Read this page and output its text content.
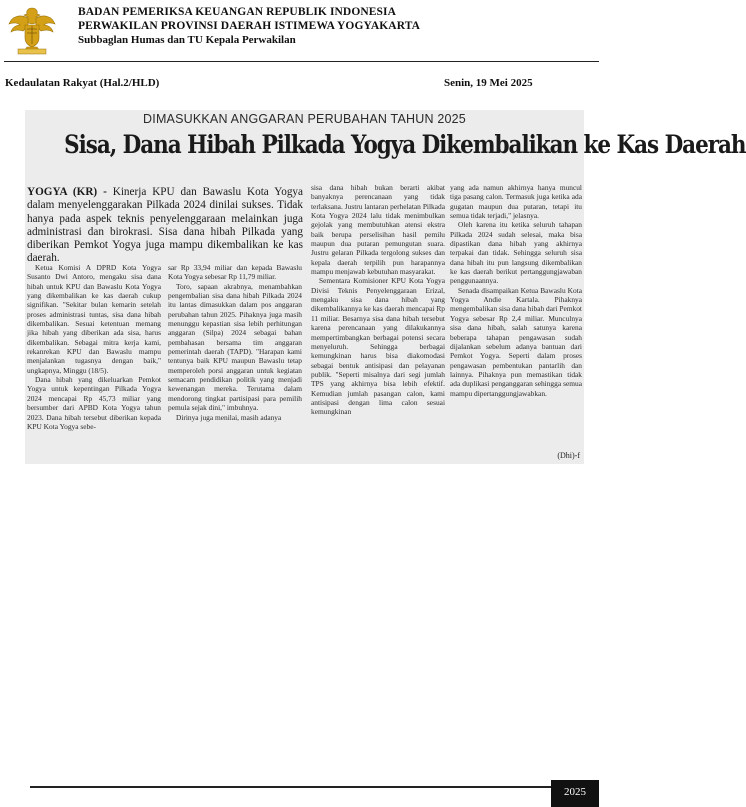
BADAN PEMERIKSA KEUANGAN REPUBLIK INDONESIA
PERWAKILAN PROVINSI DAERAH ISTIMEWA YOGYAKARTA
Subbaglan Humas dan TU Kepala Perwakilan
Kedaulatan Rakyat (Hal.2/HLD)	Senin, 19 Mei 2025
DIMASUKKAN ANGGARAN PERUBAHAN TAHUN 2025
Sisa, Dana Hibah Pilkada Yogya Dikembalikan ke Kas Daerah
YOGYA (KR) - Kinerja KPU dan Bawaslu Kota Yogya dalam menyelenggarakan Pilkada 2024 dinilai sukses. Tidak hanya pada aspek teknis penyelenggaraan melainkan juga administrasi dan birokrasi. Sisa dana hibah Pilkada yang diberikan Pemkot Yogya juga mampu dikembalikan ke kas daerah.

Ketua Komisi A DPRD Kota Yogya Susanto Dwi Antoro, mengaku sisa dana hibah untuk KPU dan Bawaslu Kota Yogya yang dikembalikan ke kas daerah cukup signifikan. "Sekitar bulan kemarin setelah proses administrasi tuntas, sisa dana hibah dikembalikan. Sesuai ketentuan memang jika hibah yang diberikan ada sisa, harus dikembalikan. Sebagai mitra kerja kami, rekanrekan KPU dan Bawaslu mampu menjalankan tugasnya dengan baik," ungkapnya, Minggu (18/5).

Dana hibah yang dikeluarkan Pemkot Yogya untuk kepentingan Pilkada Yogya 2024 mencapai Rp 45,73 miliar yang bersumber dari APBD Kota Yogya tahun 2023. Dana hibah tersebut diberikan kepada KPU Kota Yogya sebe-

sar Rp 33,94 miliar dan kepada Bawaslu Kota Yogya sebesar Rp 11,79 miliar.

Toro, sapaan akrabnya, menambahkan pengembalian sisa dana hibah Pilkada 2024 itu lantas dimasukkan dalam pos anggaran perubahan tahun 2025. Pihaknya juga masih menunggu kepastian sisa lebih perhitungan anggaran (Silpa) 2024 sebagai bahan pembahasan bersama tim anggaran pemerintah daerah (TAPD). "Harapan kami tentunya baik KPU maupun Bawaslu tetap memperoleh porsi anggaran untuk kegiatan semacam pendidikan politik yang menjadi kewenangan mereka. Terutama dalam mendorong tingkat partisipasi para pemilih pemula sejak dini," imbuhnya.

Dirinya juga menilai, masih adanya

sisa dana hibah bukan berarti akibat banyaknya perencanaan yang tidak terlaksana. Justru lantaran perhelatan Pilkada Kota Yogya 2024 lalu tidak menimbulkan gejolak yang membutuhkan atensi ekstra baik berupa perselisihan hasil pemilu maupun dua putaran pemungutan suara. Justru gelaran Pilkada tergolong sukses dan kepala daerah terpilih pun harapannya mampu menjawab kebutuhan masyarakat.

Sementara Komisioner KPU Kota Yogya Divisi Teknis Penyelenggaraan Erizal, mengaku sisa dana hibah yang dikembalikannya ke kas daerah mencapai Rp 11 miliar. Besarnya sisa dana hibah tersebut karena perencanaan yang dilakukannya mempertimbangkan berbagai potensi secara menyeluruh. Sehingga berbagai kemungkinan harus bisa diakomodasi sebagai bentuk antisipasi dan pelayanan publik. "Seperti misalnya dari segi jumlah TPS yang akhirnya bisa lebih efektif. Kemudian jumlah pasangan calon, kami antisipasi dengan lima calon sesuai kemungkinan

yang ada namun akhirnya hanya muncul tiga pasang calon. Termasuk juga ketika ada gugatan maupun dua putaran, tetapi itu semua tidak terjadi," jelasnya.

Oleh karena itu ketika seluruh tahapan Pilkada 2024 sudah selesai, maka bisa dipastikan dana hibah yang akhirnya terpakai dan tidak. Sehingga seluruh sisa dana hibah itu pun langsung dikembalikan ke kas daerah berikut pertanggungjawaban penggunaannya.

Senada disampaikan Ketua Bawaslu Kota Yogya Andie Kartala. Pihaknya mengembalikan sisa dana hibah dari Pemkot Yogya sebesar Rp 2,4 miliar. Munculnya sisa dana hibah, salah satunya karena beberapa tahapan pengawasan sudah dijalankan sebelum adanya bantuan dari Pemkot Yogya. Seperti dalam proses pengawasan pembentukan pantarlih dan lainnya. Pihaknya pun memastikan tidak ada duplikasi penganggaran sehingga semua mampu dipertanggungjawabkan.

(Dhi)-f
2025
